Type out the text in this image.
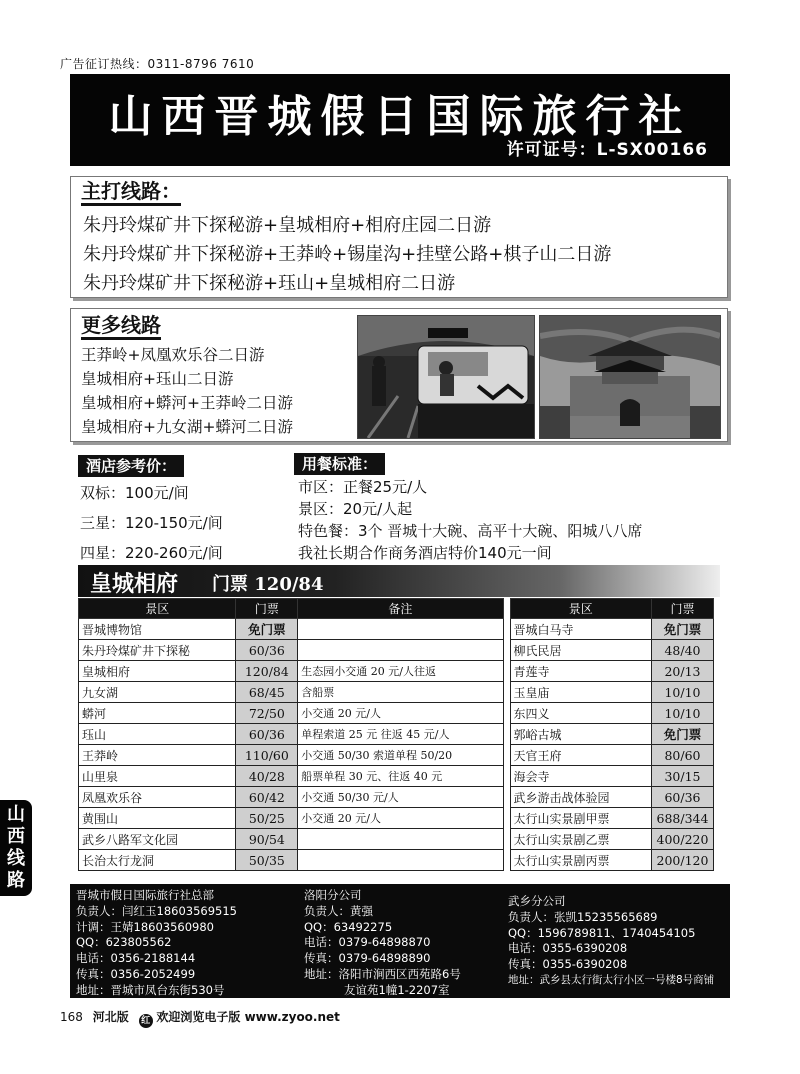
广告征订热线：0311-8796 7610
山西晋城假日国际旅行社
许可证号：L-SX00166
主打线路：
朱丹玲煤矿井下探秘游+皇城相府+相府庄园二日游
朱丹玲煤矿井下探秘游+王莽岭+锡崖沟+挂壁公路+棋子山二日游
朱丹玲煤矿井下探秘游+珏山+皇城相府二日游
更多线路
王莽岭+凤凰欢乐谷二日游
皇城相府+珏山二日游
皇城相府+蟒河+王莽岭二日游
皇城相府+九女湖+蟒河二日游
酒店参考价：
双标：100元/间
三星：120-150元/间
四星：220-260元/间
用餐标准：
市区：正餐25元/人
景区：20元/人起
特色餐：3个 晋城十大碗、高平十大碗、阳城八八席
我社长期合作商务酒店特价140元一间
皇城相府 门票 120/84
景区	门票	备注		景区	门票
晋城博物馆	免门票			晋城白马寺	免门票
朱丹玲煤矿井下探秘	60/36			柳氏民居	48/40
皇城相府	120/84	生态园小交通 20 元/人往返		青莲寺	20/13
九女湖	68/45	含船票		玉皇庙	10/10
蟒河	72/50	小交通 20 元/人		东四义	10/10
珏山	60/36	单程索道 25 元 往返 45 元/人		郭峪古城	免门票
王莽岭	110/60	小交通 50/30 索道单程 50/20		天官王府	80/60
山里泉	40/28	船票单程 30 元、往返 40 元		海会寺	30/15
凤凰欢乐谷	60/42	小交通 50/30 元/人		武乡游击战体验园	60/36
黄围山	50/25	小交通 20 元/人		太行山实景剧甲票	688/344
武乡八路军文化园	90/54			太行山实景剧乙票	400/220
长治太行龙洞	50/35			太行山实景剧丙票	200/120
山西线路
晋城市假日国际旅行社总部
负责人：闫红玉18603569515
计调：王婧18603560980
QQ：623805562
电话：0356-2188144
传真：0356-2052499
地址：晋城市凤台东街530号
洛阳分公司
负责人：黄强
QQ：63492275
电话：0379-64898870
传真：0379-64898890
地址：洛阳市涧西区西苑路6号
友谊苑1幢1-2207室
武乡分公司
负责人：张凯15235565689
QQ：1596789811、1740454105
电话：0355-6390208
传真：0355-6390208
地址：武乡县太行街太行小区一号楼8号商铺
168 河北版 红 欢迎浏览电子版 www.zyoo.net
